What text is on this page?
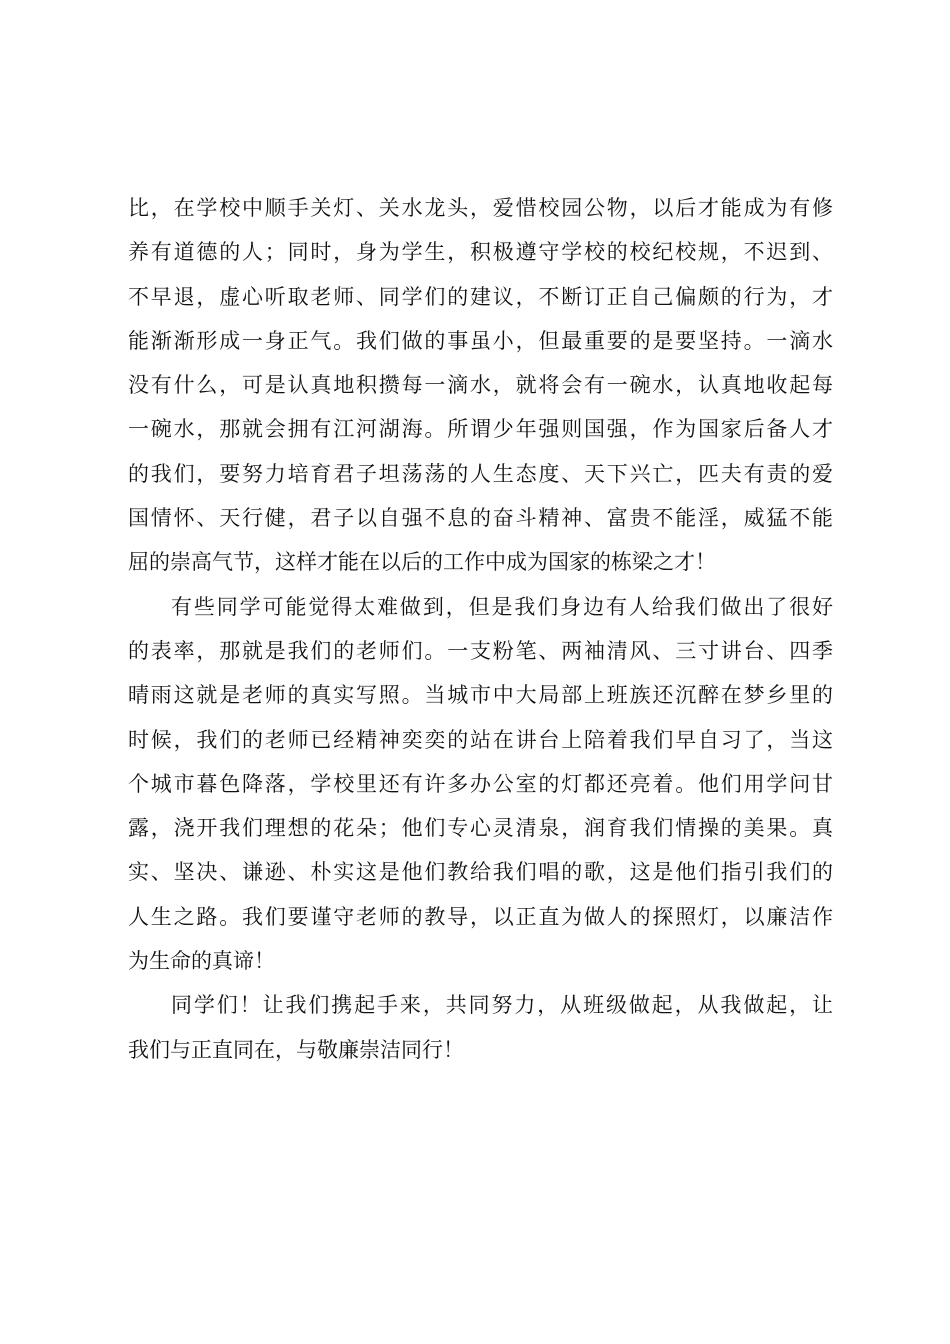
比，在学校中顺手关灯、关水龙头，爱惜校园公物，以后才能成为有修
养有道德的人；同时，身为学生，积极遵守学校的校纪校规，不迟到、
不早退，虚心听取老师、同学们的建议，不断订正自己偏颇的行为，才
能渐渐形成一身正气。我们做的事虽小，但最重要的是要坚持。一滴水
没有什么，可是认真地积攒每一滴水，就将会有一碗水，认真地收起每
一碗水，那就会拥有江河湖海。所谓少年强则国强，作为国家后备人才
的我们，要努力培育君子坦荡荡的人生态度、天下兴亡，匹夫有责的爱
国情怀、天行健，君子以自强不息的奋斗精神、富贵不能淫，威猛不能
屈的崇高气节，这样才能在以后的工作中成为国家的栋梁之才！
有些同学可能觉得太难做到，但是我们身边有人给我们做出了很好
的表率，那就是我们的老师们。一支粉笔、两袖清风、三寸讲台、四季
晴雨这就是老师的真实写照。当城市中大局部上班族还沉醉在梦乡里的
时候，我们的老师已经精神奕奕的站在讲台上陪着我们早自习了，当这
个城市暮色降落，学校里还有许多办公室的灯都还亮着。他们用学问甘
露，浇开我们理想的花朵；他们专心灵清泉，润育我们情操的美果。真
实、坚决、谦逊、朴实这是他们教给我们唱的歌，这是他们指引我们的
人生之路。我们要谨守老师的教导，以正直为做人的探照灯，以廉洁作
为生命的真谛！
同学们！让我们携起手来，共同努力，从班级做起，从我做起，让
我们与正直同在，与敬廉崇洁同行！
